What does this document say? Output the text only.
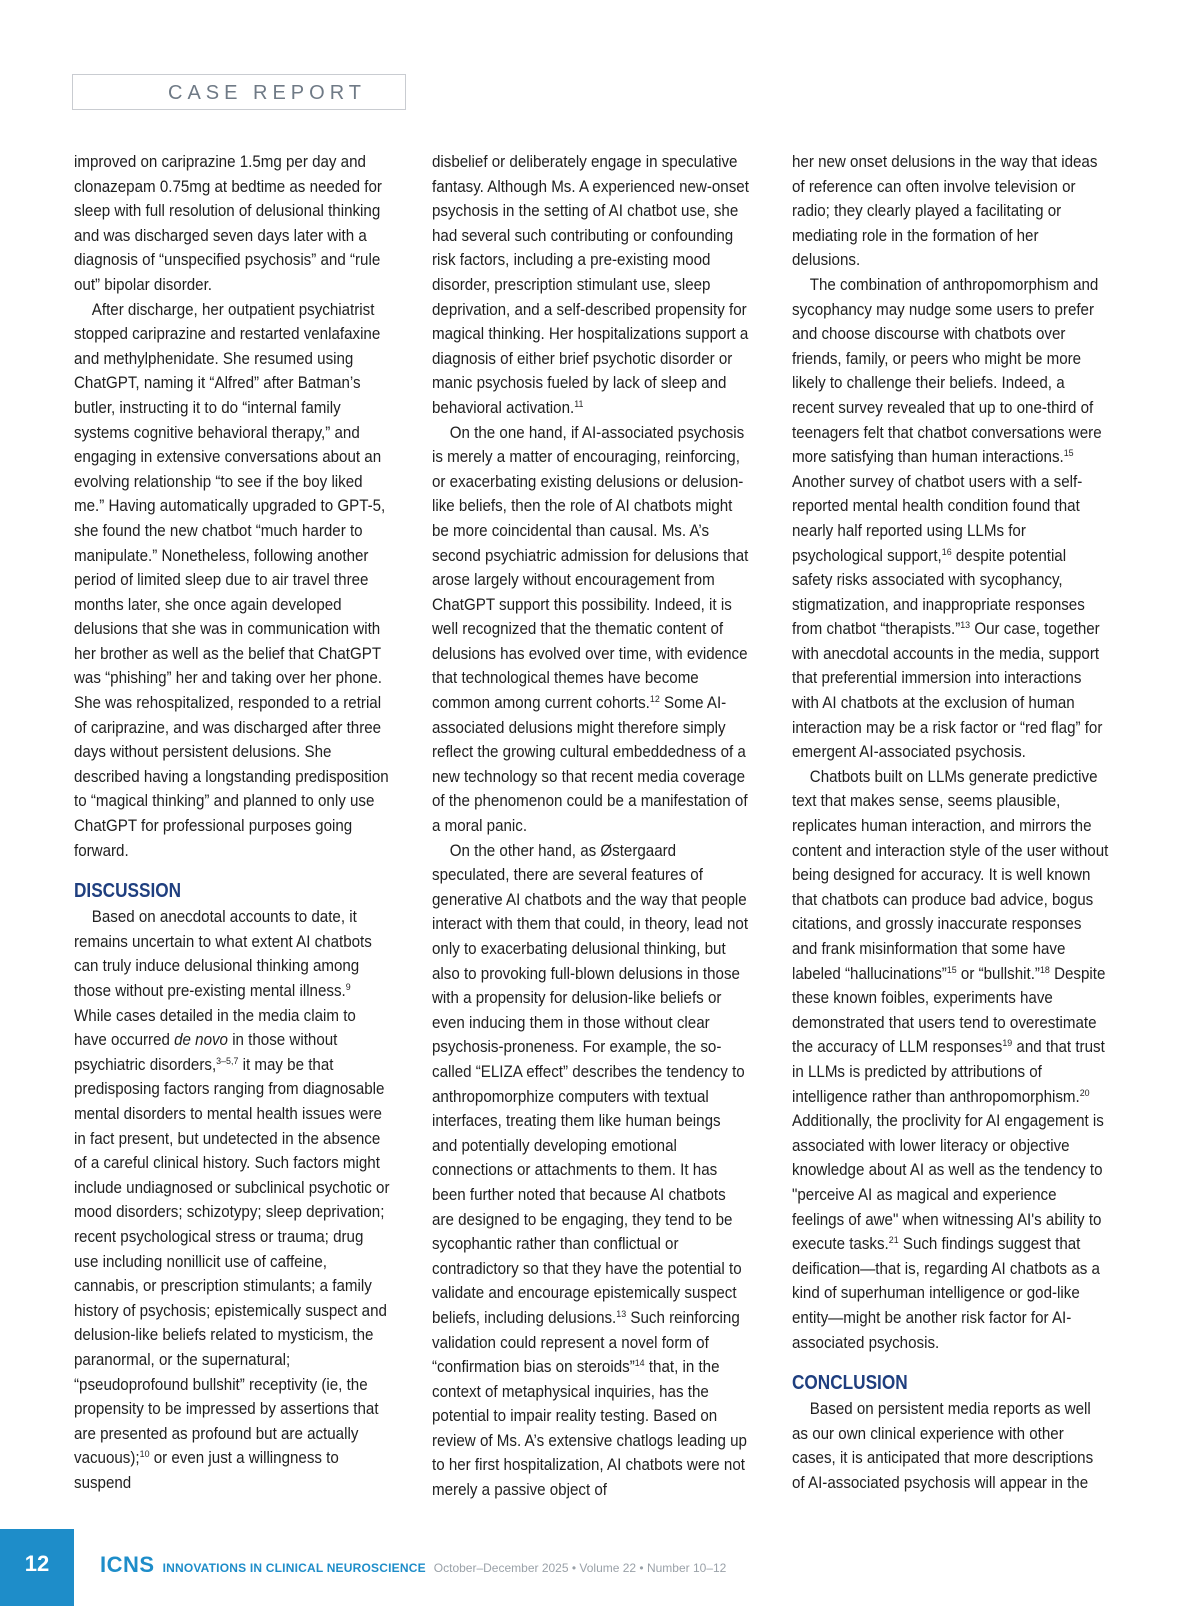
CASE REPORT

improved on cariprazine 1.5mg per day and clonazepam 0.75mg at bedtime as needed for sleep with full resolution of delusional thinking and was discharged seven days later with a diagnosis of “unspecified psychosis” and “rule out” bipolar disorder.

After discharge, her outpatient psychiatrist stopped cariprazine and restarted venlafaxine and methylphenidate. She resumed using ChatGPT, naming it “Alfred” after Batman’s butler, instructing it to do “internal family systems cognitive behavioral therapy,” and engaging in extensive conversations about an evolving relationship “to see if the boy liked me.” Having automatically upgraded to GPT-5, she found the new chatbot “much harder to manipulate.” Nonetheless, following another period of limited sleep due to air travel three months later, she once again developed delusions that she was in communication with her brother as well as the belief that ChatGPT was “phishing” her and taking over her phone. She was rehospitalized, responded to a retrial of cariprazine, and was discharged after three days without persistent delusions. She described having a longstanding predisposition to “magical thinking” and planned to only use ChatGPT for professional purposes going forward.

DISCUSSION

Based on anecdotal accounts to date, it remains uncertain to what extent AI chatbots can truly induce delusional thinking among those without pre-existing mental illness.$^9$ While cases detailed in the media claim to have occurred de novo in those without psychiatric disorders,$^{3-5,7}$ it may be that predisposing factors ranging from diagnosable mental disorders to mental health issues were in fact present, but undetected in the absence of a careful clinical history. Such factors might include undiagnosed or subclinical psychotic or mood disorders; schizotypy; sleep deprivation; recent psychological stress or trauma; drug use including nonillicit use of caffeine, cannabis, or prescription stimulants; a family history of psychosis; epistemically suspect and delusion-like beliefs related to mysticism, the paranormal, or the supernatural; “pseudoprofound bullshit” receptivity (ie, the propensity to be impressed by assertions that are presented as profound but are actually vacuous);$^{10}$ or even just a willingness to suspend

disbelief or deliberately engage in speculative fantasy. Although Ms. A experienced new-onset psychosis in the setting of AI chatbot use, she had several such contributing or confounding risk factors, including a pre-existing mood disorder, prescription stimulant use, sleep deprivation, and a self-described propensity for magical thinking. Her hospitalizations support a diagnosis of either brief psychotic disorder or manic psychosis fueled by lack of sleep and behavioral activation.$^{11}$

On the one hand, if AI-associated psychosis is merely a matter of encouraging, reinforcing, or exacerbating existing delusions or delusion-like beliefs, then the role of AI chatbots might be more coincidental than causal. Ms. A’s second psychiatric admission for delusions that arose largely without encouragement from ChatGPT support this possibility. Indeed, it is well recognized that the thematic content of delusions has evolved over time, with evidence that technological themes have become common among current cohorts.$^{12}$ Some AI-associated delusions might therefore simply reflect the growing cultural embeddedness of a new technology so that recent media coverage of the phenomenon could be a manifestation of a moral panic.

On the other hand, as Østergaard speculated, there are several features of generative AI chatbots and the way that people interact with them that could, in theory, lead not only to exacerbating delusional thinking, but also to provoking full-blown delusions in those with a propensity for delusion-like beliefs or even inducing them in those without clear psychosis-proneness. For example, the so-called “ELIZA effect” describes the tendency to anthropomorphize computers with textual interfaces, treating them like human beings and potentially developing emotional connections or attachments to them. It has been further noted that because AI chatbots are designed to be engaging, they tend to be sycophantic rather than conflictual or contradictory so that they have the potential to validate and encourage epistemically suspect beliefs, including delusions.$^{13}$ Such reinforcing validation could represent a novel form of “confirmation bias on steroids”$^{14}$ that, in the context of metaphysical inquiries, has the potential to impair reality testing. Based on review of Ms. A’s extensive chatlogs leading up to her first hospitalization, AI chatbots were not merely a passive object of

her new onset delusions in the way that ideas of reference can often involve television or radio; they clearly played a facilitating or mediating role in the formation of her delusions.

The combination of anthropomorphism and sycophancy may nudge some users to prefer and choose discourse with chatbots over friends, family, or peers who might be more likely to challenge their beliefs. Indeed, a recent survey revealed that up to one-third of teenagers felt that chatbot conversations were more satisfying than human interactions.$^{15}$ Another survey of chatbot users with a self-reported mental health condition found that nearly half reported using LLMs for psychological support,$^{16}$ despite potential safety risks associated with sycophancy, stigmatization, and inappropriate responses from chatbot “therapists.”$^{13}$ Our case, together with anecdotal accounts in the media, support that preferential immersion into interactions with AI chatbots at the exclusion of human interaction may be a risk factor or “red flag” for emergent AI-associated psychosis.

Chatbots built on LLMs generate predictive text that makes sense, seems plausible, replicates human interaction, and mirrors the content and interaction style of the user without being designed for accuracy. It is well known that chatbots can produce bad advice, bogus citations, and grossly inaccurate responses and frank misinformation that some have labeled “hallucinations”$^{15}$ or “bullshit.”$^{18}$ Despite these known foibles, experiments have demonstrated that users tend to overestimate the accuracy of LLM responses$^{19}$ and that trust in LLMs is predicted by attributions of intelligence rather than anthropomorphism.$^{20}$ Additionally, the proclivity for AI engagement is associated with lower literacy or objective knowledge about AI as well as the tendency to "perceive AI as magical and experience feelings of awe" when witnessing AI's ability to execute tasks.$^{21}$ Such findings suggest that deification—that is, regarding AI chatbots as a kind of superhuman intelligence or god-like entity—might be another risk factor for AI-associated psychosis.

CONCLUSION

Based on persistent media reports as well as our own clinical experience with other cases, it is anticipated that more descriptions of AI-associated psychosis will appear in the

12	ICNS INNOVATIONS IN CLINICAL NEUROSCIENCE October–December 2025 • Volume 22 • Number 10–12
